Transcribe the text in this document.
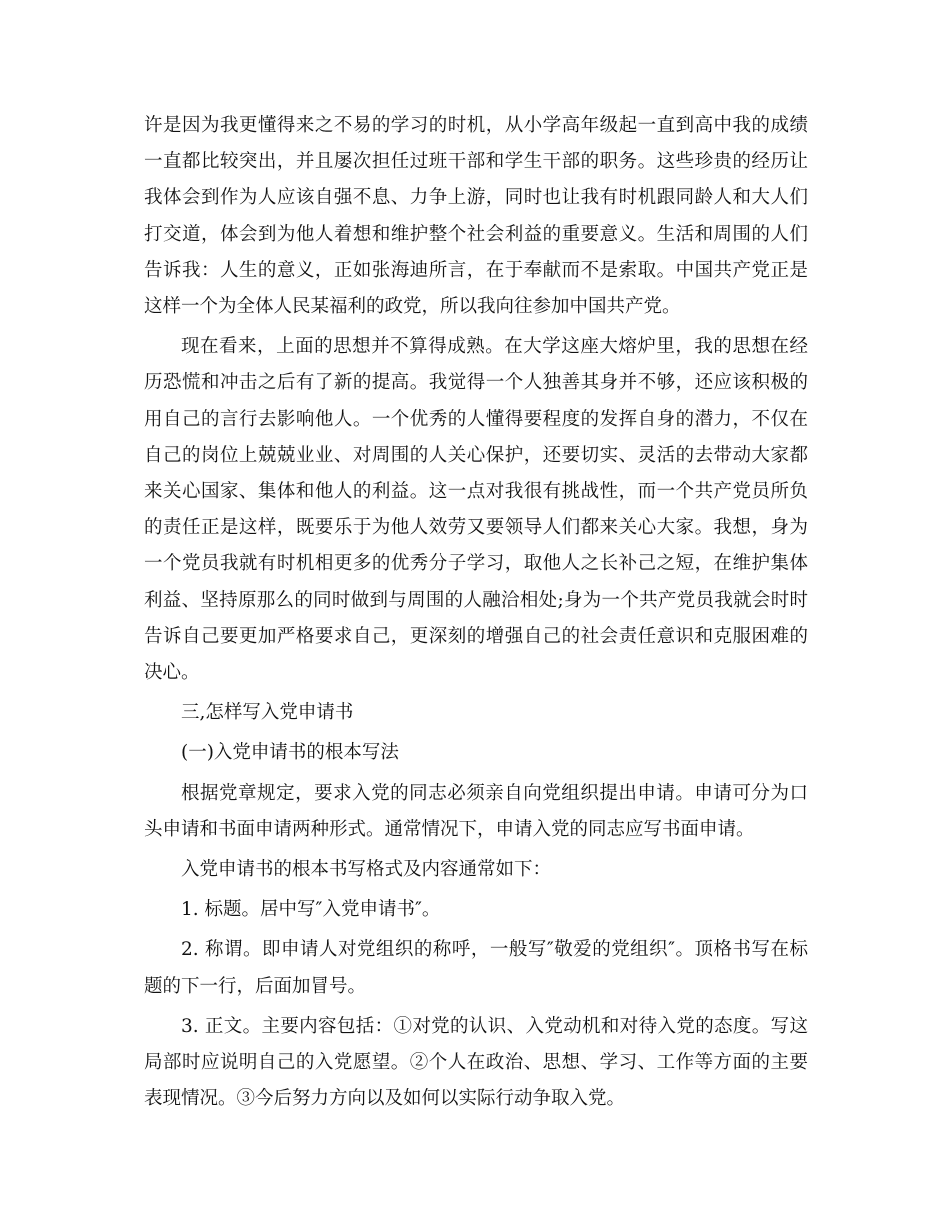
许是因为我更懂得来之不易的学习的时机，从小学高年级起一直到高中我的成绩一直都比较突出，并且屡次担任过班干部和学生干部的职务。这些珍贵的经历让我体会到作为人应该自强不息、力争上游，同时也让我有时机跟同龄人和大人们打交道，体会到为他人着想和维护整个社会利益的重要意义。生活和周围的人们告诉我：人生的意义，正如张海迪所言，在于奉献而不是索取。中国共产党正是这样一个为全体人民某福利的政党，所以我向往参加中国共产党。

现在看来，上面的思想并不算得成熟。在大学这座大熔炉里，我的思想在经历恐慌和冲击之后有了新的提高。我觉得一个人独善其身并不够，还应该积极的用自己的言行去影响他人。一个优秀的人懂得要程度的发挥自身的潜力，不仅在自己的岗位上兢兢业业、对周围的人关心保护，还要切实、灵活的去带动大家都来关心国家、集体和他人的利益。这一点对我很有挑战性，而一个共产党员所负的责任正是这样，既要乐于为他人效劳又要领导人们都来关心大家。我想，身为一个党员我就有时机相更多的优秀分子学习，取他人之长补己之短，在维护集体利益、坚持原那么的同时做到与周围的人融洽相处;身为一个共产党员我就会时时告诉自己要更加严格要求自己，更深刻的增强自己的社会责任意识和克服困难的决心。

三,怎样写入党申请书

(一)入党申请书的根本写法

根据党章规定，要求入党的同志必须亲自向党组织提出申请。申请可分为口头申请和书面申请两种形式。通常情况下，申请入党的同志应写书面申请。

入党申请书的根本书写格式及内容通常如下：

1. 标题。居中写″入党申请书″。

2. 称谓。即申请人对党组织的称呼，一般写″敬爱的党组织″。顶格书写在标题的下一行，后面加冒号。

3. 正文。主要内容包括：①对党的认识、入党动机和对待入党的态度。写这局部时应说明自己的入党愿望。②个人在政治、思想、学习、工作等方面的主要表现情况。③今后努力方向以及如何以实际行动争取入党。
